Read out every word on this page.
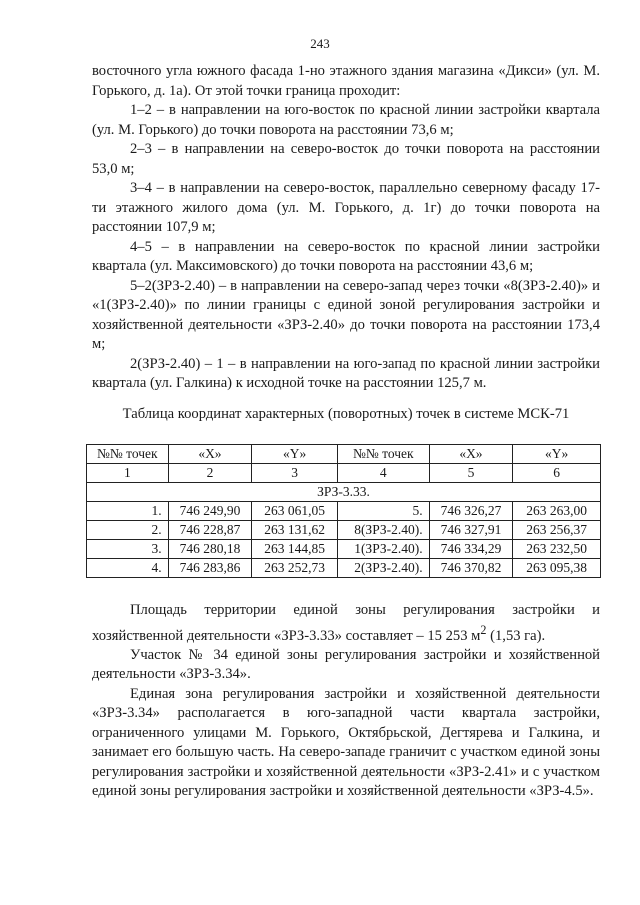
243

восточного угла южного фасада 1-но этажного здания магазина «Дикси» (ул. М. Горького, д. 1а). От этой точки граница проходит:

1–2 – в направлении на юго-восток по красной линии застройки квартала (ул. М. Горького) до точки поворота на расстоянии 73,6 м;

2–3 – в направлении на северо-восток до точки поворота на расстоянии 53,0 м;

3–4 – в направлении на северо-восток, параллельно северному фасаду 17-ти этажного жилого дома (ул. М. Горького, д. 1г) до точки поворота на расстоянии 107,9 м;

4–5 – в направлении на северо-восток по красной линии застройки квартала (ул. Максимовского) до точки поворота на расстоянии 43,6 м;

5–2(ЗРЗ-2.40) – в направлении на северо-запад через точки «8(ЗРЗ-2.40)» и «1(ЗРЗ-2.40)» по линии границы с единой зоной регулирования застройки и хозяйственной деятельности «ЗРЗ-2.40» до точки поворота на расстоянии 173,4 м;

2(ЗРЗ-2.40) – 1 – в направлении на юго-запад по красной линии застройки квартала (ул. Галкина) к исходной точке на расстоянии 125,7 м.

Таблица координат характерных (поворотных) точек в системе МСК-71
№№ точек	«X»	«Y»	№№ точек	«X»	«Y»
1	2	3	4	5	6
ЗРЗ-3.33.					
1.	746 249,90	263 061,05	5.	746 326,27	263 263,00
2.	746 228,87	263 131,62	8(ЗРЗ-2.40).	746 327,91	263 256,37
3.	746 280,18	263 144,85	1(ЗРЗ-2.40).	746 334,29	263 232,50
4.	746 283,86	263 252,73	2(ЗРЗ-2.40).	746 370,82	263 095,38

Площадь территории единой зоны регулирования застройки и хозяйственной деятельности «ЗРЗ-3.33» составляет – 15 253 $м^2$ (1,53 га).

Участок № 34 единой зоны регулирования застройки и хозяйственной деятельности «ЗРЗ-3.34».

Единая зона регулирования застройки и хозяйственной деятельности «ЗРЗ-3.34» располагается в юго-западной части квартала застройки, ограниченного улицами М. Горького, Октябрьской, Дегтярева и Галкина, и занимает его большую часть. На северо-западе граничит с участком единой зоны регулирования застройки и хозяйственной деятельности «ЗРЗ-2.41» и с участком единой зоны регулирования застройки и хозяйственной деятельности «ЗРЗ-4.5».
